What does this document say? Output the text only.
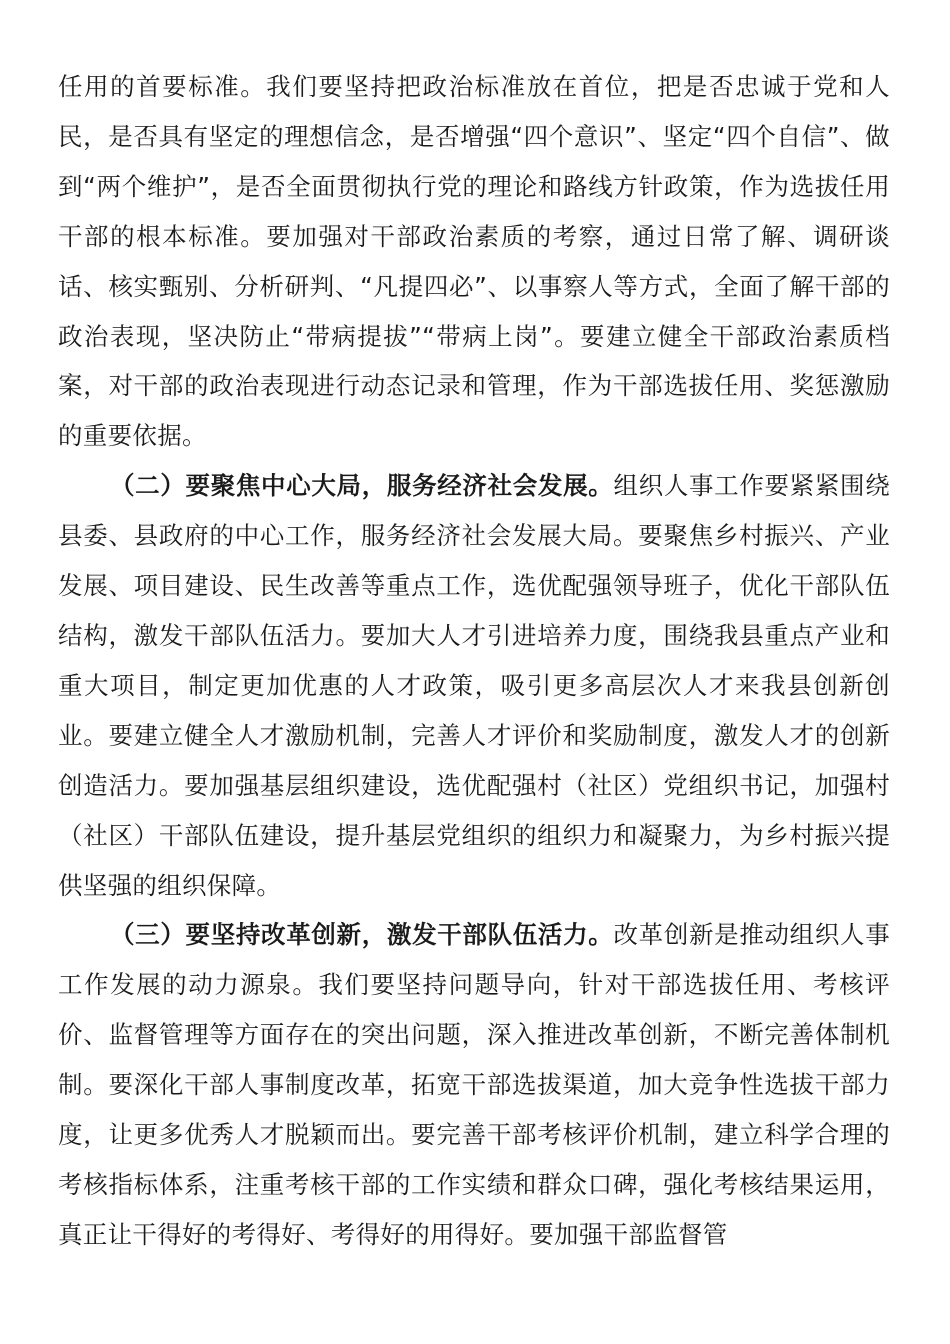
任用的首要标准。我们要坚持把政治标准放在首位，把是否忠诚于党和人民，是否具有坚定的理想信念，是否增强“四个意识”、坚定“四个自信”、做到“两个维护”，是否全面贯彻执行党的理论和路线方针政策，作为选拔任用干部的根本标准。要加强对干部政治素质的考察，通过日常了解、调研谈话、核实甄别、分析研判、“凡提四必”、以事察人等方式，全面了解干部的政治表现，坚决防止“带病提拔”“带病上岗”。要建立健全干部政治素质档案，对干部的政治表现进行动态记录和管理，作为干部选拔任用、奖惩激励的重要依据。

（二）要聚焦中心大局，服务经济社会发展。组织人事工作要紧紧围绕县委、县政府的中心工作，服务经济社会发展大局。要聚焦乡村振兴、产业发展、项目建设、民生改善等重点工作，选优配强领导班子，优化干部队伍结构，激发干部队伍活力。要加大人才引进培养力度，围绕我县重点产业和重大项目，制定更加优惠的人才政策，吸引更多高层次人才来我县创新创业。要建立健全人才激励机制，完善人才评价和奖励制度，激发人才的创新创造活力。要加强基层组织建设，选优配强村（社区）党组织书记，加强村（社区）干部队伍建设，提升基层党组织的组织力和凝聚力，为乡村振兴提供坚强的组织保障。

（三）要坚持改革创新，激发干部队伍活力。改革创新是推动组织人事工作发展的动力源泉。我们要坚持问题导向，针对干部选拔任用、考核评价、监督管理等方面存在的突出问题，深入推进改革创新，不断完善体制机制。要深化干部人事制度改革，拓宽干部选拔渠道，加大竞争性选拔干部力度，让更多优秀人才脱颖而出。要完善干部考核评价机制，建立科学合理的考核指标体系，注重考核干部的工作实绩和群众口碑，强化考核结果运用，真正让干得好的考得好、考得好的用得好。要加强干部监督管
